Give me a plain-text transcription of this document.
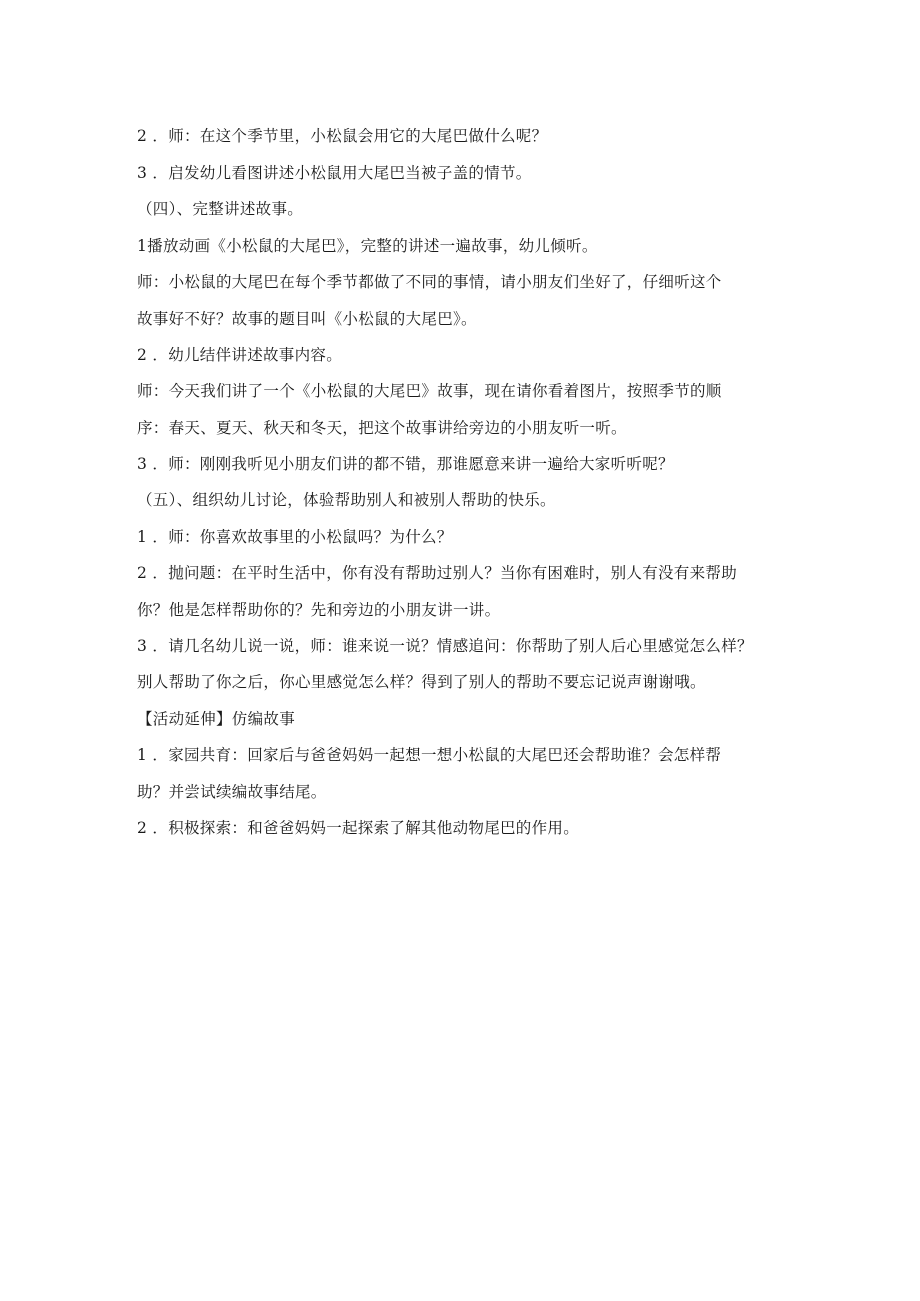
2 ．师：在这个季节里，小松鼠会用它的大尾巴做什么呢？
3 ．启发幼儿看图讲述小松鼠用大尾巴当被子盖的情节。
（四）、完整讲述故事。
1播放动画《小松鼠的大尾巴》，完整的讲述一遍故事，幼儿倾听。
师：小松鼠的大尾巴在每个季节都做了不同的事情，请小朋友们坐好了，仔细听这个
故事好不好？故事的题目叫《小松鼠的大尾巴》。
2 ．幼儿结伴讲述故事内容。
师：今天我们讲了一个《小松鼠的大尾巴》故事，现在请你看着图片，按照季节的顺
序：春天、夏天、秋天和冬天，把这个故事讲给旁边的小朋友听一听。
3 ．师：刚刚我听见小朋友们讲的都不错，那谁愿意来讲一遍给大家听听呢？
（五）、组织幼儿讨论，体验帮助别人和被别人帮助的快乐。
1 ．师：你喜欢故事里的小松鼠吗？为什么？
2 ．抛问题：在平时生活中，你有没有帮助过别人？当你有困难时，别人有没有来帮助
你？他是怎样帮助你的？先和旁边的小朋友讲一讲。
3 ．请几名幼儿说一说，师：谁来说一说？情感追问：你帮助了别人后心里感觉怎么样？
别人帮助了你之后，你心里感觉怎么样？得到了别人的帮助不要忘记说声谢谢哦。
【活动延伸】仿编故事
1 ．家园共育：回家后与爸爸妈妈一起想一想小松鼠的大尾巴还会帮助谁？会怎样帮
助？并尝试续编故事结尾。
2 ．积极探索：和爸爸妈妈一起探索了解其他动物尾巴的作用。
